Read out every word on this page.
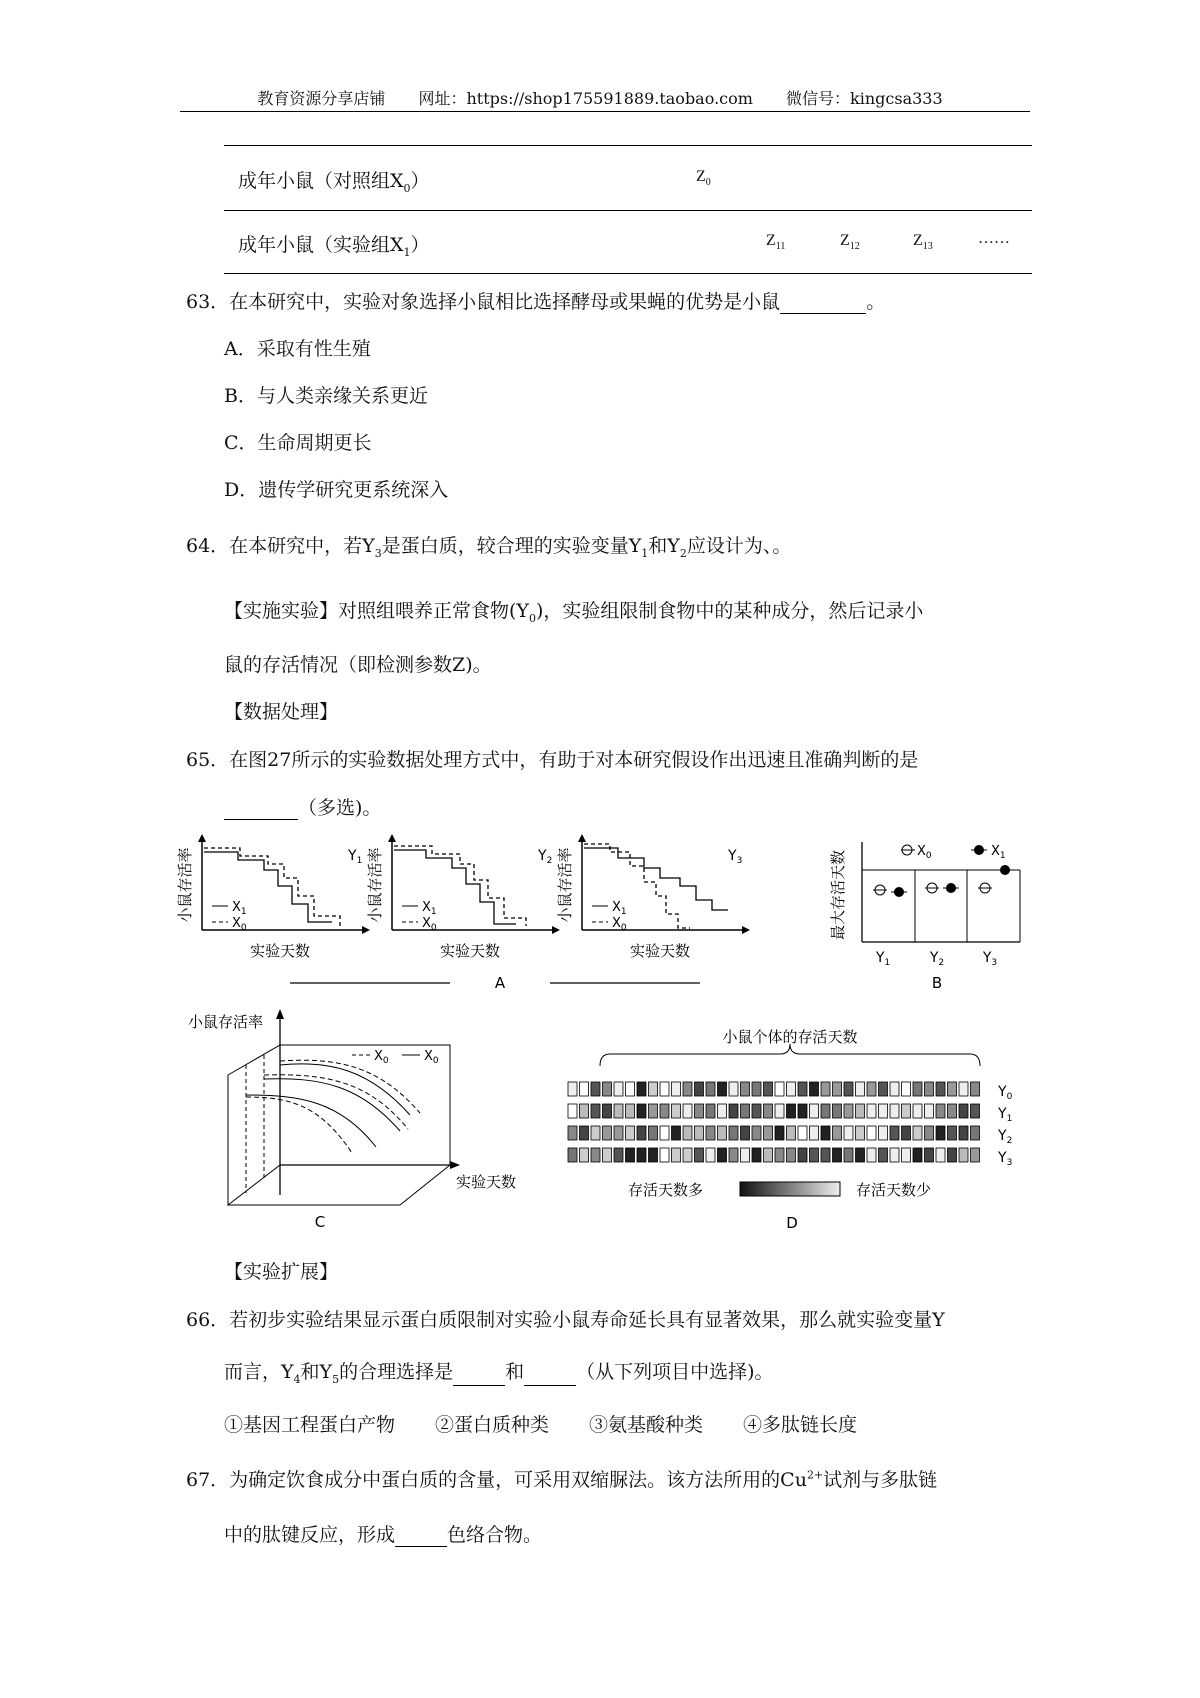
教育资源分享店铺 网址：https://shop175591889.taobao.com 微信号：kingcsa333
成年小鼠（对照组$X_0$）	$Z_0$
成年小鼠（实验组$X_1$）	$Z_{11}$	$Z_{12}$	$Z_{13}$	……
63．在本研究中，实验对象选择小鼠相比选择酵母或果蝇的优势是小鼠	。
A．采取有性生殖
B．与人类亲缘关系更近
C．生命周期更长
D．遗传学研究更系统深入
64．在本研究中，若$Y_3$是蛋白质，较合理的实验变量$Y_1$和$Y_2$应设计为、。
【实施实验】对照组喂养正常食物$(Y_0)$，实验组限制食物中的某种成分，然后记录小
鼠的存活情况（即检测参数Z)。
【数据处理】
65．在图27所示的实验数据处理方式中，有助于对本研究假设作出迅速且准确判断的是
（多选)。
小鼠存活率	$X_1$
$X_0$
$Y_1$
实验天数
小鼠存活率	$X_1$
$X_0$
$Y_2$
实验天数
小鼠存活率	$X_1$
$X_0$
$Y_3$
实验天数
A
最大存活天数	$X_0$	$X_1$
$Y_1$	$Y_2$	$Y_3$
B
小鼠存活率
$X_0$	$X_0$
实验天数
C
小鼠个体的存活天数
$Y_0$
$Y_1$
$Y_2$
$Y_3$
存活天数多	存活天数少
D
【实验扩展】
66．若初步实验结果显示蛋白质限制对实验小鼠寿命延长具有显著效果，那么就实验变量Y
而言，$Y_4$和$Y_5$的合理选择是	和	（从下列项目中选择)。
①基因工程蛋白产物 ②蛋白质种类 ③氨基酸种类 ④多肽链长度
67．为确定饮食成分中蛋白质的含量，可采用双缩脲法。该方法所用的$Cu^{2+}$试剂与多肽链
中的肽键反应，形成	色络合物。
